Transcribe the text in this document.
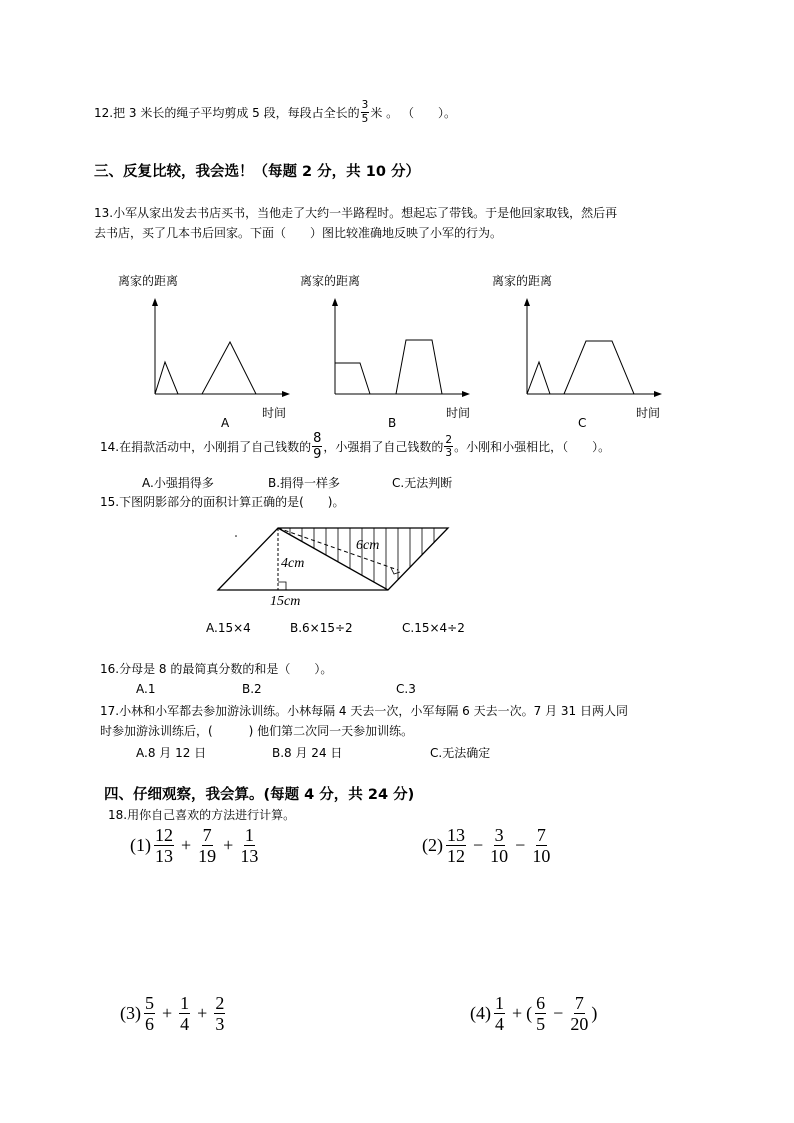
12.把 3 米长的绳子平均剪成 5 段，每段占全长的 $\frac{3}{5}$ 米 。 （　　）。
三、反复比较，我会选！（每题 2 分，共 10 分）
13.小军从家出发去书店买书，当他走了大约一半路程时。想起忘了带钱。于是他回家取钱，然后再
去书店，买了几本书后回家。下面（　　）图比较准确地反映了小军的行为。
离家的距离
时间
A
离家的距离
时间
B
离家的距离
时间
C
14.在捐款活动中，小刚捐了自己钱数的 $\frac{8}{9}$ ，小强捐了自己钱数的 $\frac{2}{3}$ 。小刚和小强相比，（　　）。
A.小强捐得多	B.捐得一样多	C.无法判断
15.下图阴影部分的面积计算正确的是(　　)。
6cm
4cm
15cm
A.15×4	B.6×15÷2	C.15×4÷2
16.分母是 8 的最简真分数的和是（　　）。
A.1	B.2	C.3
17.小林和小军都去参加游泳训练。小林每隔 4 天去一次，小军每隔 6 天去一次。7 月 31 日两人同
时参加游泳训练后，(　　　) 他们第二次同一天参加训练。
A.8 月 12 日	B.8 月 24 日	C.无法确定
四、仔细观察，我会算。(每题 4 分，共 24 分)
18.用你自己喜欢的方法进行计算。
$(1) \frac{12}{13} + \frac{7}{19} + \frac{1}{13}$	$(2) \frac{13}{12} - \frac{3}{10} - \frac{7}{10}$
$(3) \frac{5}{6} + \frac{1}{4} + \frac{2}{3}$	$(4) \frac{1}{4}$ + ( $\frac{6}{5} - \frac{7}{20}$ )
